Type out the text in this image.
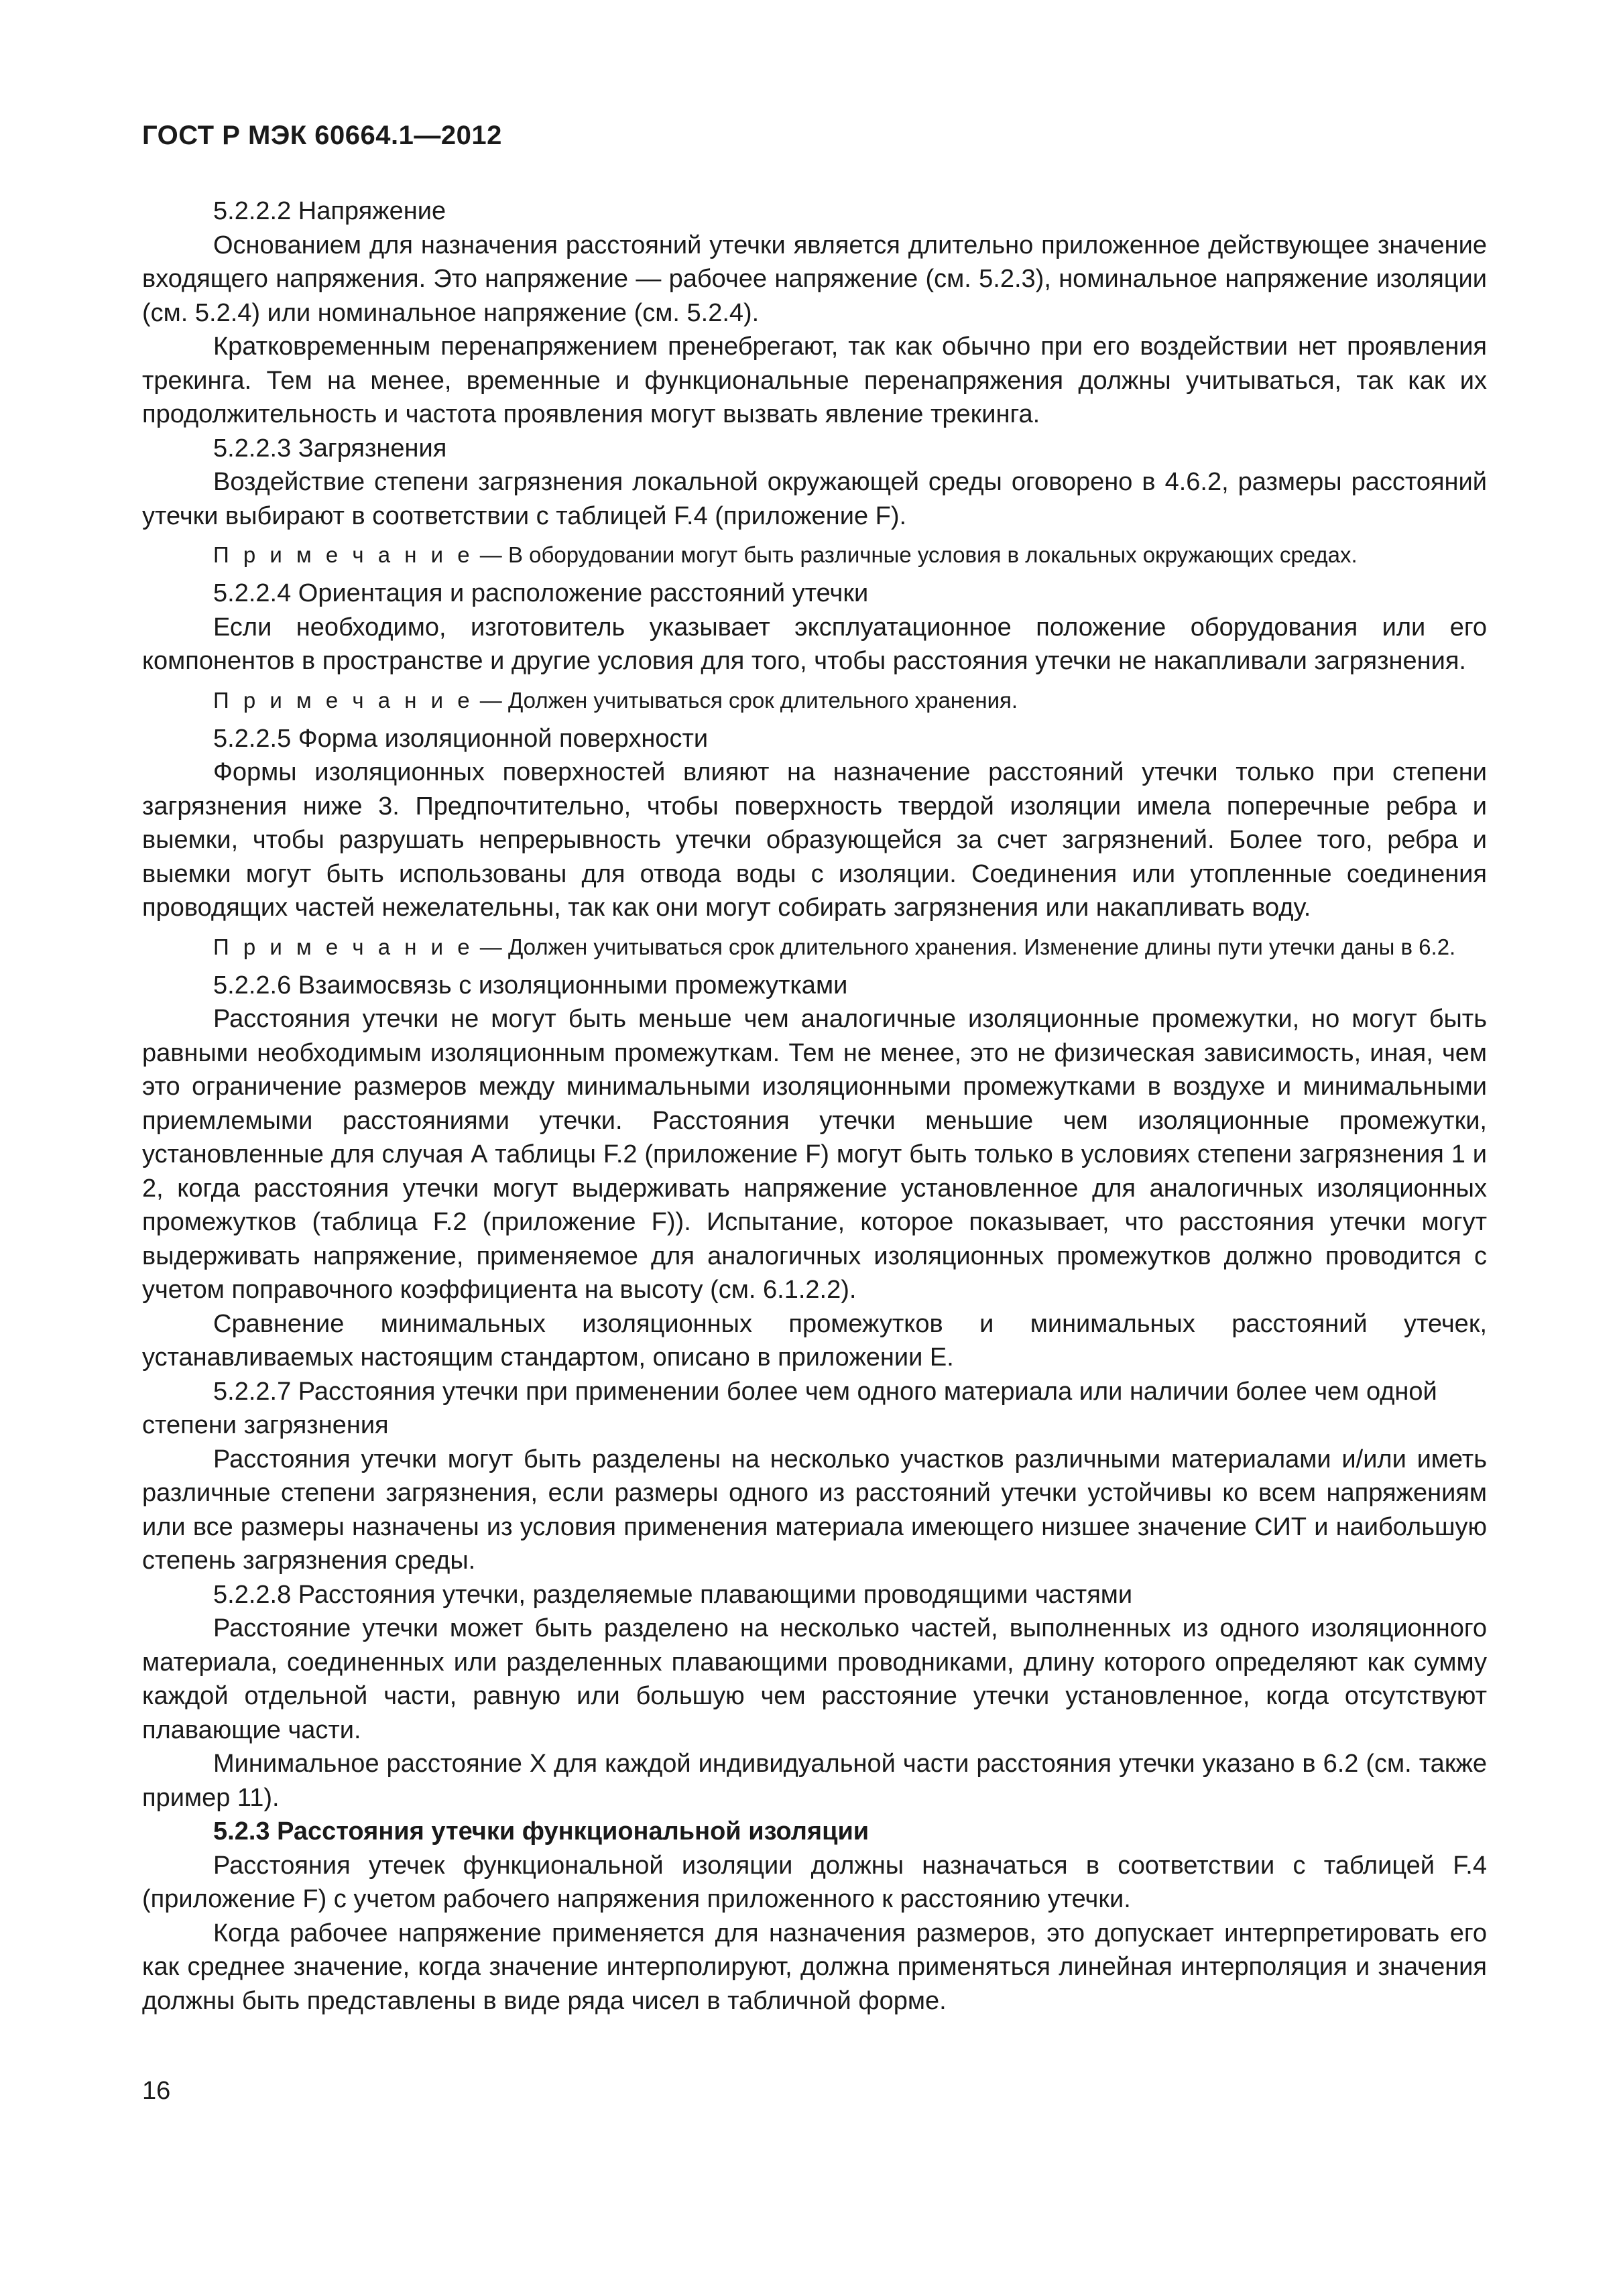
ГОСТ Р МЭК 60664.1—2012

5.2.2.2 Напряжение

Основанием для назначения расстояний утечки является длительно приложенное действующее значение входящего напряжения. Это напряжение — рабочее напряжение (см. 5.2.3), номинальное напряжение изоляции (см. 5.2.4) или номинальное напряжение (см. 5.2.4).

Кратковременным перенапряжением пренебрегают, так как обычно при его воздействии нет проявления трекинга. Тем на менее, временные и функциональные перенапряжения должны учитываться, так как их продолжительность и частота проявления могут вызвать явление трекинга.

5.2.2.3 Загрязнения

Воздействие степени загрязнения локальной окружающей среды оговорено в 4.6.2, размеры расстояний утечки выбирают в соответствии с таблицей F.4 (приложение F).

П р и м е ч а н и е — В оборудовании могут быть различные условия в локальных окружающих средах.

5.2.2.4 Ориентация и расположение расстояний утечки

Если необходимо, изготовитель указывает эксплуатационное положение оборудования или его компонентов в пространстве и другие условия для того, чтобы расстояния утечки не накапливали загрязнения.

П р и м е ч а н и е — Должен учитываться срок длительного хранения.

5.2.2.5 Форма изоляционной поверхности

Формы изоляционных поверхностей влияют на назначение расстояний утечки только при степени загрязнения ниже 3. Предпочтительно, чтобы поверхность твердой изоляции имела поперечные ребра и выемки, чтобы разрушать непрерывность утечки образующейся за счет загрязнений. Более того, ребра и выемки могут быть использованы для отвода воды с изоляции. Соединения или утопленные соединения проводящих частей нежелательны, так как они могут собирать загрязнения или накапливать воду.

П р и м е ч а н и е — Должен учитываться срок длительного хранения. Изменение длины пути утечки даны в 6.2.

5.2.2.6 Взаимосвязь с изоляционными промежутками

Расстояния утечки не могут быть меньше чем аналогичные изоляционные промежутки, но могут быть равными необходимым изоляционным промежуткам. Тем не менее, это не физическая зависимость, иная, чем это ограничение размеров между минимальными изоляционными промежутками в воздухе и минимальными приемлемыми расстояниями утечки. Расстояния утечки меньшие чем изоляционные промежутки, установленные для случая А таблицы F.2 (приложение F) могут быть только в условиях степени загрязнения 1 и 2, когда расстояния утечки могут выдерживать напряжение установленное для аналогичных изоляционных промежутков (таблица F.2 (приложение F)). Испытание, которое показывает, что расстояния утечки могут выдерживать напряжение, применяемое для аналогичных изоляционных промежутков должно проводится с учетом поправочного коэффициента на высоту (см. 6.1.2.2).

Сравнение минимальных изоляционных промежутков и минимальных расстояний утечек, устанавливаемых настоящим стандартом, описано в приложении Е.

5.2.2.7 Расстояния утечки при применении более чем одного материала или наличии более чем одной степени загрязнения

Расстояния утечки могут быть разделены на несколько участков различными материалами и/или иметь различные степени загрязнения, если размеры одного из расстояний утечки устойчивы ко всем напряжениям или все размеры назначены из условия применения материала имеющего низшее значение СИТ и наибольшую степень загрязнения среды.

5.2.2.8 Расстояния утечки, разделяемые плавающими проводящими частями

Расстояние утечки может быть разделено на несколько частей, выполненных из одного изоляционного материала, соединенных или разделенных плавающими проводниками, длину которого определяют как сумму каждой отдельной части, равную или большую чем расстояние утечки установленное, когда отсутствуют плавающие части.

Минимальное расстояние Х для каждой индивидуальной части расстояния утечки указано в 6.2 (см. также пример 11).

5.2.3 Расстояния утечки функциональной изоляции

Расстояния утечек функциональной изоляции должны назначаться в соответствии с таблицей F.4 (приложение F) с учетом рабочего напряжения приложенного к расстоянию утечки.

Когда рабочее напряжение применяется для назначения размеров, это допускает интерпретировать его как среднее значение, когда значение интерполируют, должна применяться линейная интерполяция и значения должны быть представлены в виде ряда чисел в табличной форме.

16
